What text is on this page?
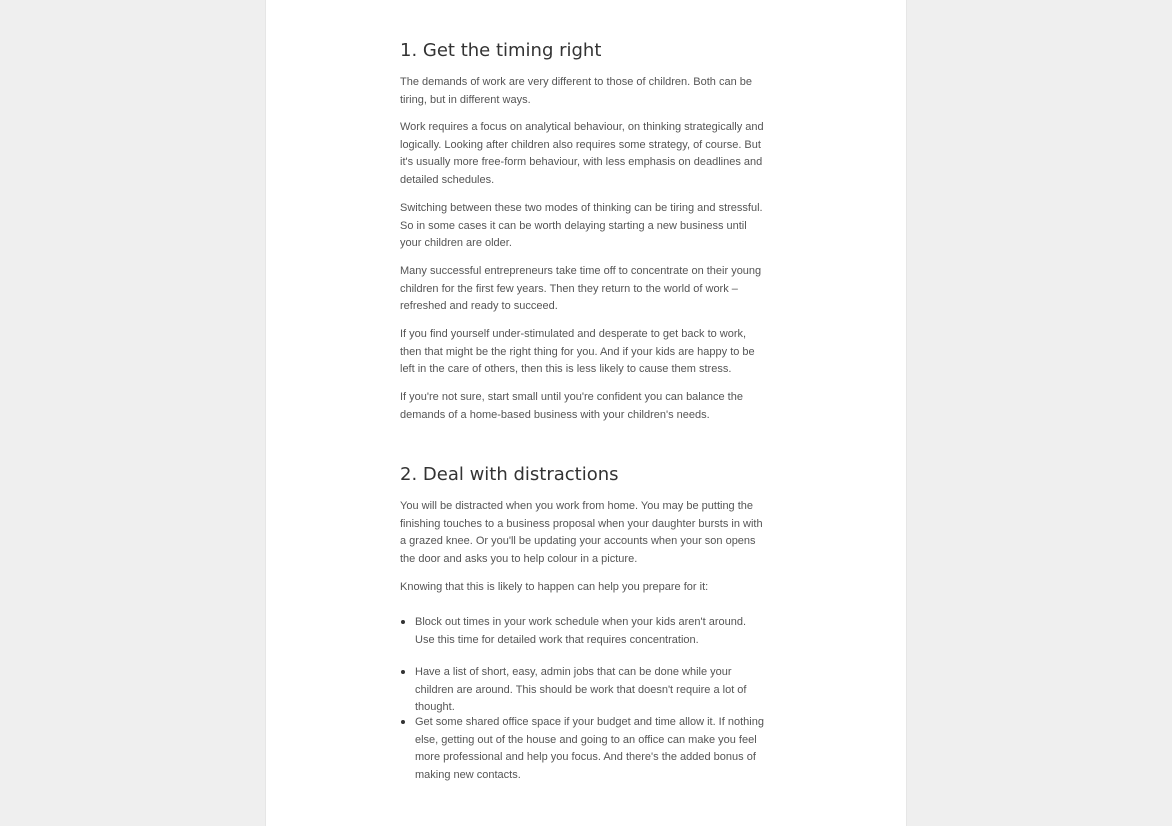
1. Get the timing right

The demands of work are very different to those of children. Both can be tiring, but in different ways.

Work requires a focus on analytical behaviour, on thinking strategically and logically. Looking after children also requires some strategy, of course. But it's usually more free-form behaviour, with less emphasis on deadlines and detailed schedules.

Switching between these two modes of thinking can be tiring and stressful. So in some cases it can be worth delaying starting a new business until your children are older.

Many successful entrepreneurs take time off to concentrate on their young children for the first few years. Then they return to the world of work – refreshed and ready to succeed.

If you find yourself under-stimulated and desperate to get back to work, then that might be the right thing for you. And if your kids are happy to be left in the care of others, then this is less likely to cause them stress.

If you're not sure, start small until you're confident you can balance the demands of a home-based business with your children's needs.

2. Deal with distractions

You will be distracted when you work from home. You may be putting the finishing touches to a business proposal when your daughter bursts in with a grazed knee. Or you'll be updating your accounts when your son opens the door and asks you to help colour in a picture.

Knowing that this is likely to happen can help you prepare for it:

Block out times in your work schedule when your kids aren't around. Use this time for detailed work that requires concentration.

Have a list of short, easy, admin jobs that can be done while your children are around. This should be work that doesn't require a lot of thought.

Get some shared office space if your budget and time allow it. If nothing else, getting out of the house and going to an office can make you feel more professional and help you focus. And there's the added bonus of making new contacts.
